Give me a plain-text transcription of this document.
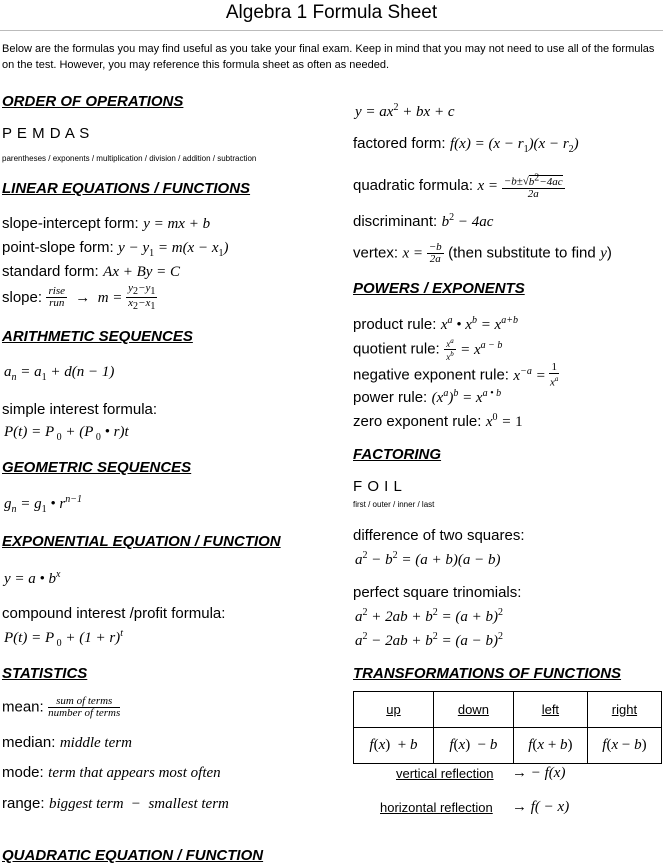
Algebra 1 Formula Sheet
Below are the formulas you may find useful as you take your final exam. Keep in mind that you may not need to use all of the formulas on the test. However, you may reference this formula sheet as often as needed.
ORDER OF OPERATIONS
P E M D A S
parentheses / exponents / multiplication / division / addition / subtraction
LINEAR EQUATIONS / FUNCTIONS
slope-intercept form: y = mx + b
point-slope form: $y - y_1 = m(x - x_1)$
standard form: Ax + By = C
slope: $\frac{\text{rise}}{\text{run}} \to m = \frac{y_2-y_1}{x_2-x_1}$
ARITHMETIC SEQUENCES
$a_n = a_1 + d(n - 1)$
simple interest formula:
P(t) = P $_0$ + (P $_0$ • r)t
GEOMETRIC SEQUENCES
$g_n = g_1$ • $r^{n-1}$
EXPONENTIAL EQUATION / FUNCTION
y = a • $b^x$
compound interest /profit formula:
P(t) = P $_0 + (1 + r)^t$
STATISTICS
mean: $\frac{\text{sum of terms}}{\text{number of terms}}$
median: middle term
mode: term that appears most often
range: biggest term  −  smallest term
QUADRATIC EQUATION / FUNCTION
$y = ax^2$ + bx + c
factored form: $f(x) = (x - r_1)(x - r_2)$
quadratic formula: $x = \frac{-b\pm√b^2-4ac}{2a}$
discriminant: $b^2 - 4ac$
vertex: $x = \frac{-b}{2a}$ (then substitute to find y)
POWERS / EXPONENTS
product rule: $x^a$ • $x^b = x^{a+b}$
quotient rule: $\frac{x^a}{x^b} = x^{a - b}$
negative exponent rule: $x^{-a} = \frac{1}{x^a}$
power rule: $(x^a)^b = x^{a • b}$
zero exponent rule: $x^0 = 1$
FACTORING
F O I L
first / outer / inner / last
difference of two squares:
$a^2 - b^2 = (a + b)(a - b)$
perfect square trinomials:
$a^2 + 2ab + b^2 = (a + b)^2$
$a^2 - 2ab + b^2 = (a - b)^2$
TRANSFORMATIONS OF FUNCTIONS
up	down	left	right
f(x)  + b	f(x)  − b	f(x + b)	f(x − b)
vertical reflection → − f(x)
horizontal reflection → f( − x)
